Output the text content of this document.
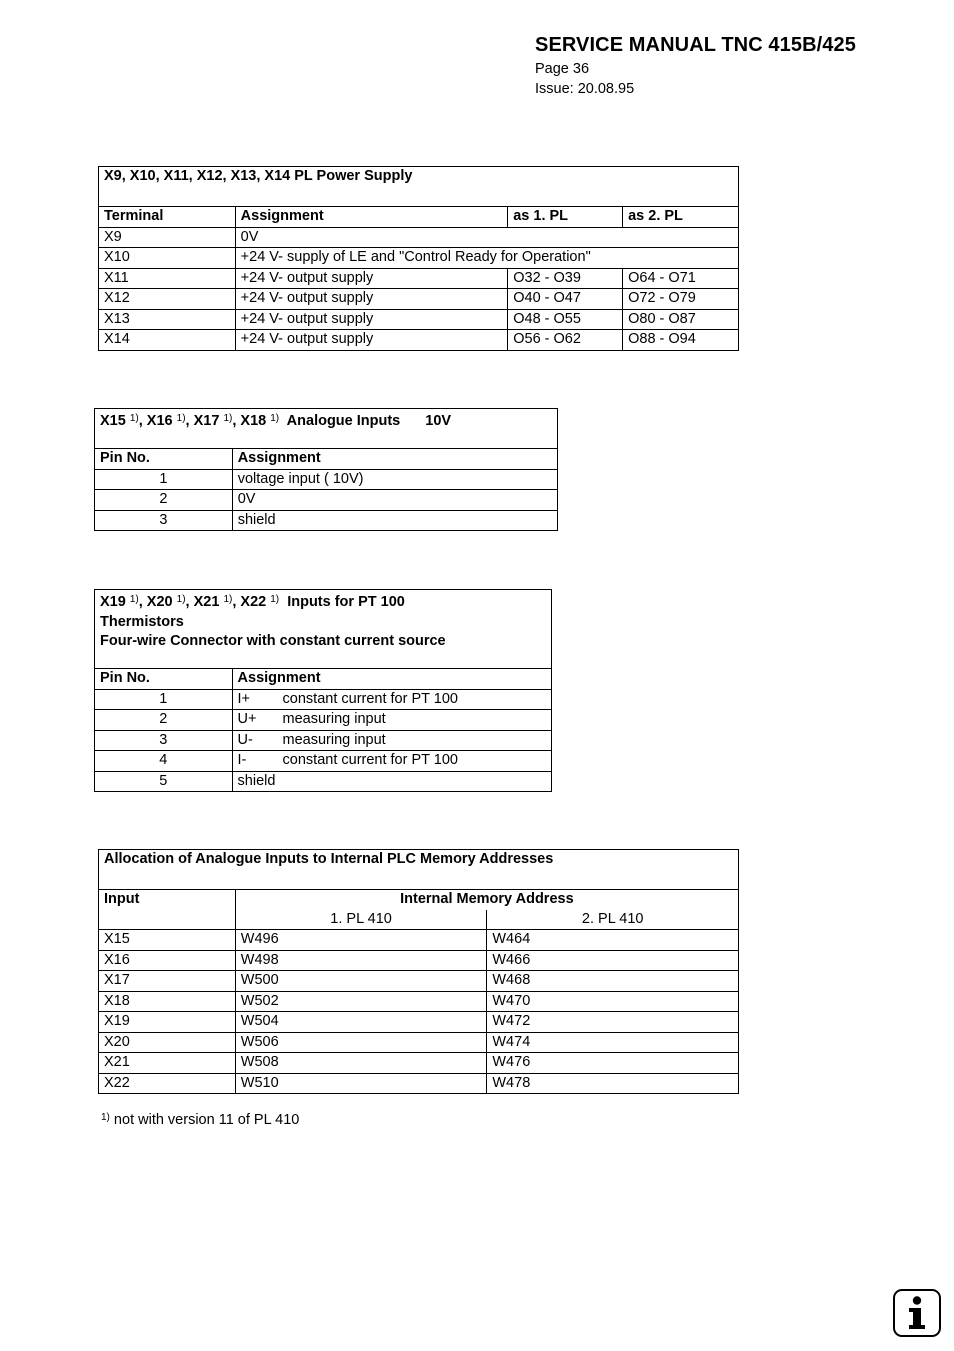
SERVICE MANUAL TNC 415B/425
Page 36
Issue: 20.08.95
X9, X10, X11, X12, X13, X14 PL Power Supply			
Terminal	Assignment	as 1. PL	as 2. PL
X9	0V		
X10	+24 V- supply of LE and "Control Ready for Operation"		
X11	+24 V- output supply	O32 - O39	O64 - O71
X12	+24 V- output supply	O40 - O47	O72 - O79
X13	+24 V- output supply	O48 - O55	O80 - O87
X14	+24 V- output supply	O56 - O62	O88 - O94
X15 $^{1)}$, X16 $^{1)}$, X17 $^{1)}$, X18 $^{1)}$ Analogue Inputs 10V	
Pin No.	Assignment
1	voltage input ( 10V)
2	0V
3	shield
X19 $^{1)}$, X20 $^{1)}$, X21 $^{1)}$, X22 $^{1)}$ Inputs for PT 100
Thermistors
Four-wire Connector with constant current source	

Pin No.	Assignment
1	I+ constant current for PT 100
2	U+ measuring input
3	U- measuring input
4	I- constant current for PT 100
5	shield
Allocation of Analogue Inputs to Internal PLC Memory Addresses		
Input	Internal Memory Address	
	1. PL 410	2. PL 410
X15	W496	W464
X16	W498	W466
X17	W500	W468
X18	W502	W470
X19	W504	W472
X20	W506	W474
X21	W508	W476
X22	W510	W478
$^{1)}$ not with version 11 of PL 410
